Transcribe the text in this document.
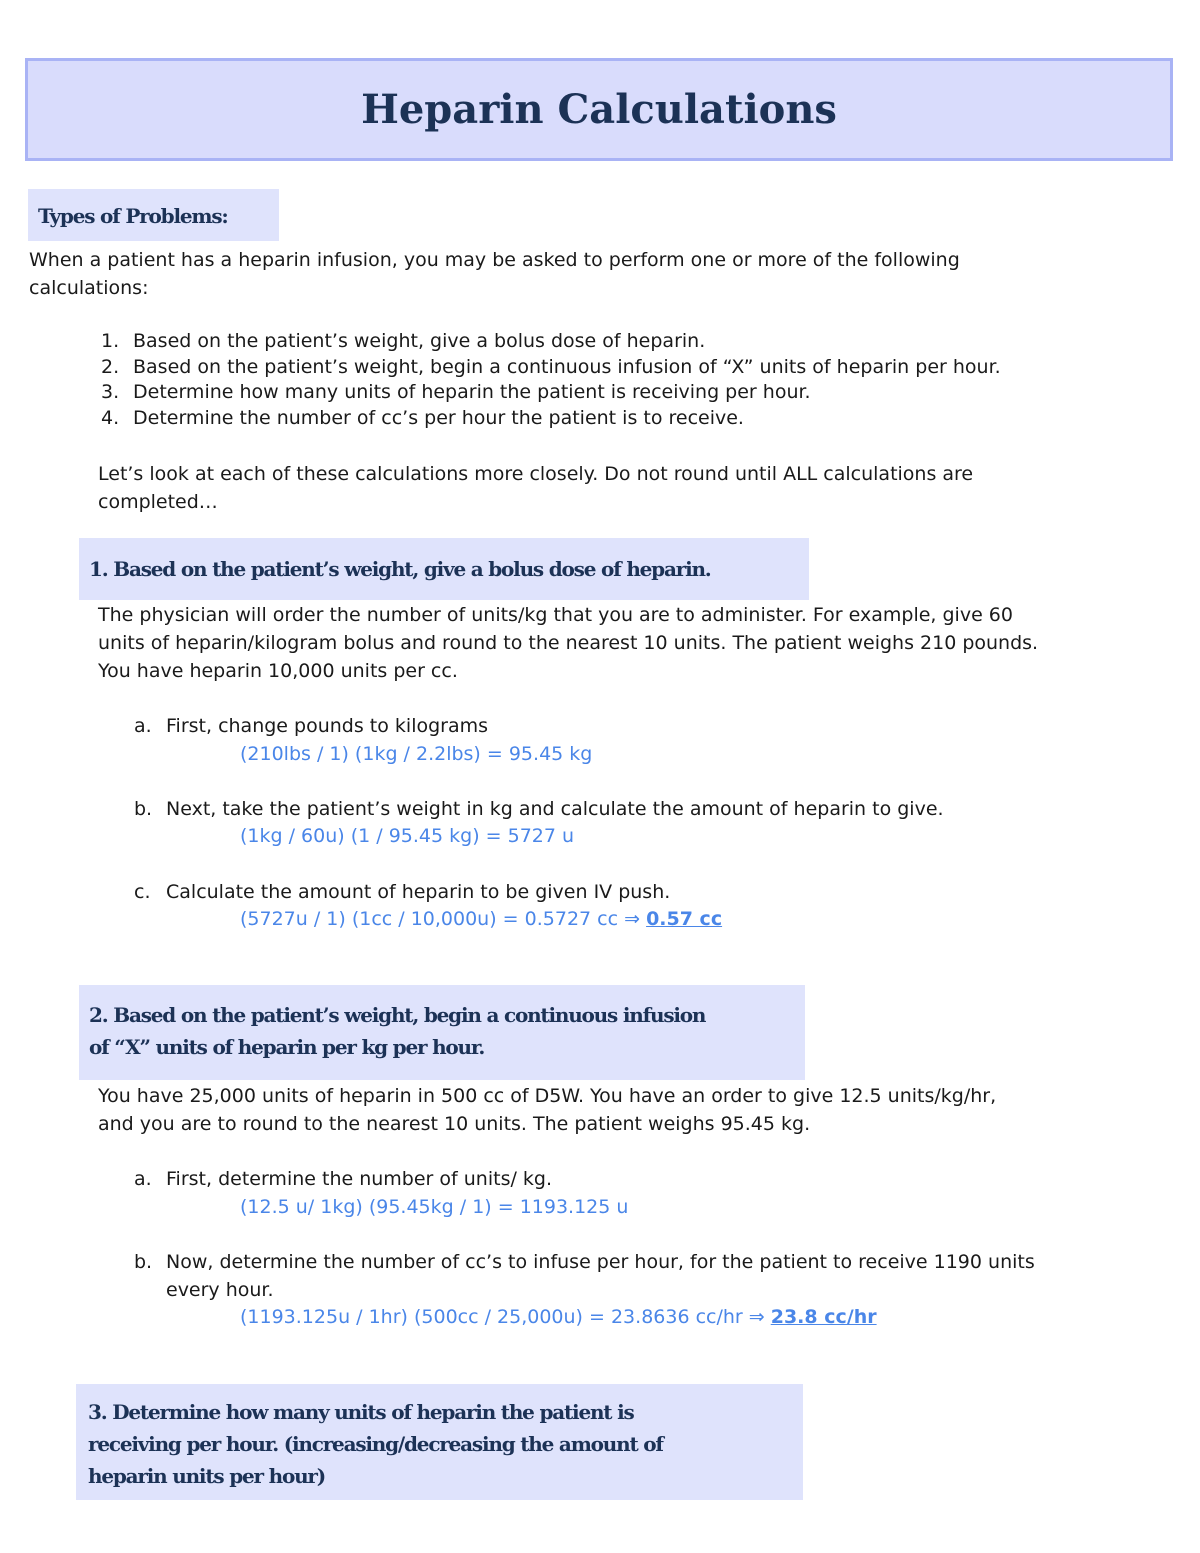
Heparin Calculations
Types of Problems:
When a patient has a heparin infusion, you may be asked to perform one or more of the following
calculations:
1. Based on the patient’s weight, give a bolus dose of heparin.
2. Based on the patient’s weight, begin a continuous infusion of “X” units of heparin per hour.
3. Determine how many units of heparin the patient is receiving per hour.
4. Determine the number of cc’s per hour the patient is to receive.
Let’s look at each of these calculations more closely. Do not round until ALL calculations are
completed…
1. Based on the patient’s weight, give a bolus dose of heparin.
The physician will order the number of units/kg that you are to administer. For example, give 60
units of heparin/kilogram bolus and round to the nearest 10 units. The patient weighs 210 pounds.
You have heparin 10,000 units per cc.
a. First, change pounds to kilograms
(210lbs / 1) (1kg / 2.2lbs) = 95.45 kg
b. Next, take the patient’s weight in kg and calculate the amount of heparin to give.
(1kg / 60u) (1 / 95.45 kg) = 5727 u
c. Calculate the amount of heparin to be given IV push.
(5727u / 1) (1cc / 10,000u) = 0.5727 cc ⇒ 0.57 cc
2. Based on the patient’s weight, begin a continuous infusion
of “X” units of heparin per kg per hour.
You have 25,000 units of heparin in 500 cc of D5W. You have an order to give 12.5 units/kg/hr,
and you are to round to the nearest 10 units. The patient weighs 95.45 kg.
a. First, determine the number of units/ kg.
(12.5 u/ 1kg) (95.45kg / 1) = 1193.125 u
b. Now, determine the number of cc’s to infuse per hour, for the patient to receive 1190 units
every hour.
(1193.125u / 1hr) (500cc / 25,000u) = 23.8636 cc/hr ⇒ 23.8 cc/hr
3. Determine how many units of heparin the patient is
receiving per hour. (increasing/decreasing the amount of
heparin units per hour)
